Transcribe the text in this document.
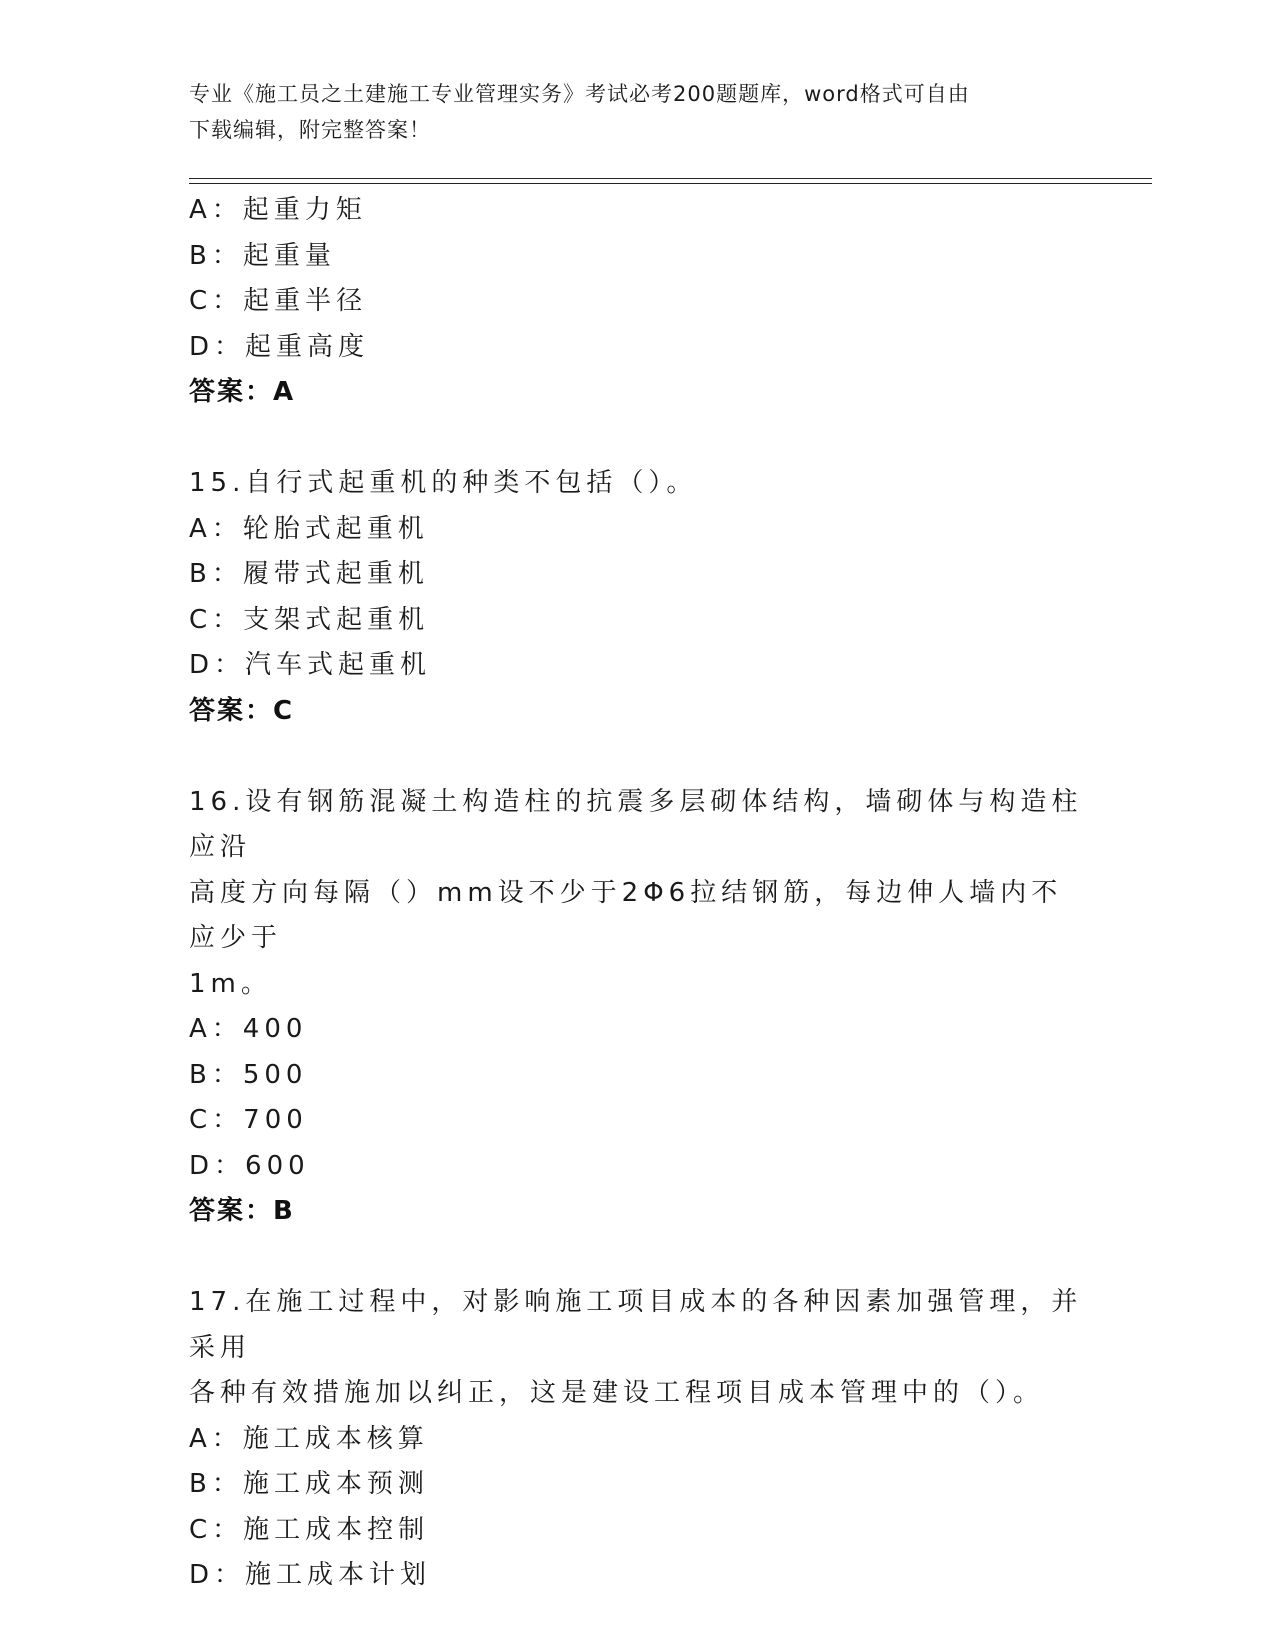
专业《施工员之土建施工专业管理实务》考试必考200题题库，word格式可自由
下载编辑，附完整答案！
A：起重力矩
B：起重量
C：起重半径
D：起重高度
答案：A
15.自行式起重机的种类不包括（）。
A：轮胎式起重机
B：履带式起重机
C：支架式起重机
D：汽车式起重机
答案：C
16.设有钢筋混凝土构造柱的抗震多层砌体结构，墙砌体与构造柱应沿
高度方向每隔（）mm设不少于2Φ6拉结钢筋，每边伸人墙内不应少于
1m。
A：400
B：500
C：700
D：600
答案：B
17.在施工过程中，对影响施工项目成本的各种因素加强管理，并采用
各种有效措施加以纠正，这是建设工程项目成本管理中的（）。
A：施工成本核算
B：施工成本预测
C：施工成本控制
D：施工成本计划
